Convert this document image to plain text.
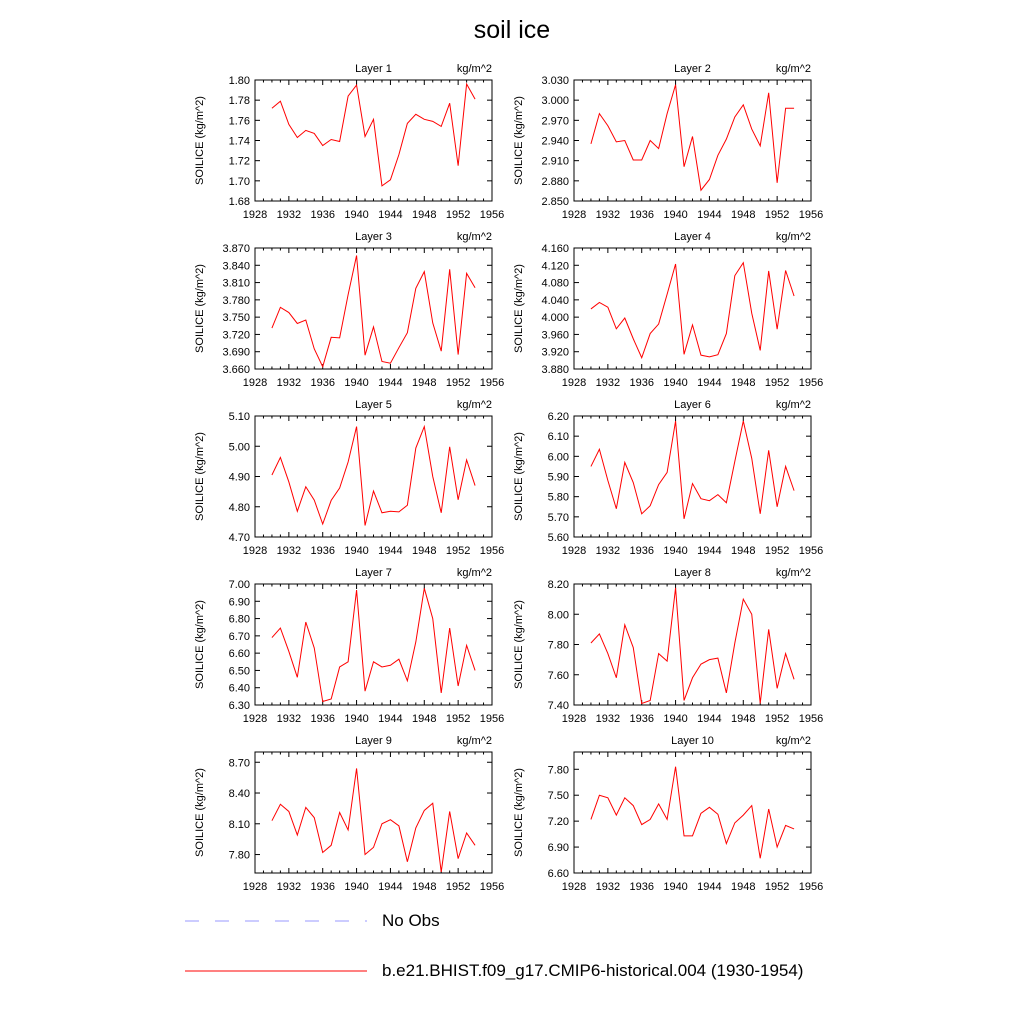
soil ice
1928 1932 1936 1940 1944 1948 1952 1956
1.68
1.70
1.72
1.74
1.76
1.78
1.80
SOILICE (kg/m^2)
Layer 1	kg/m^2
1928 1932 1936 1940 1944 1948 1952 1956
2.850
2.880
2.910
2.940
2.970
3.000
3.030
SOILICE (kg/m^2)
Layer 2	kg/m^2
1928 1932 1936 1940 1944 1948 1952 1956
3.660
3.690
3.720
3.750
3.780
3.810
3.840
3.870
SOILICE (kg/m^2)
Layer 3	kg/m^2
1928 1932 1936 1940 1944 1948 1952 1956
3.880
3.920
3.960
4.000
4.040
4.080
4.120
4.160
SOILICE (kg/m^2)
Layer 4	kg/m^2
1928 1932 1936 1940 1944 1948 1952 1956
4.70
4.80
4.90
5.00
5.10
SOILICE (kg/m^2)
Layer 5	kg/m^2
1928 1932 1936 1940 1944 1948 1952 1956
5.60
5.70
5.80
5.90
6.00
6.10
6.20
SOILICE (kg/m^2)
Layer 6	kg/m^2
1928 1932 1936 1940 1944 1948 1952 1956
6.30
6.40
6.50
6.60
6.70
6.80
6.90
7.00
SOILICE (kg/m^2)
Layer 7	kg/m^2
1928 1932 1936 1940 1944 1948 1952 1956
7.40
7.60
7.80
8.00
8.20
SOILICE (kg/m^2)
Layer 8	kg/m^2
1928 1932 1936 1940 1944 1948 1952 1956
7.80
8.10
8.40
8.70
SOILICE (kg/m^2)
Layer 9	kg/m^2
1928 1932 1936 1940 1944 1948 1952 1956
6.60
6.90
7.20
7.50
7.80
SOILICE (kg/m^2)
Layer 10	kg/m^2
No Obs
b.e21.BHIST.f09_g17.CMIP6-historical.004 (1930-1954)
